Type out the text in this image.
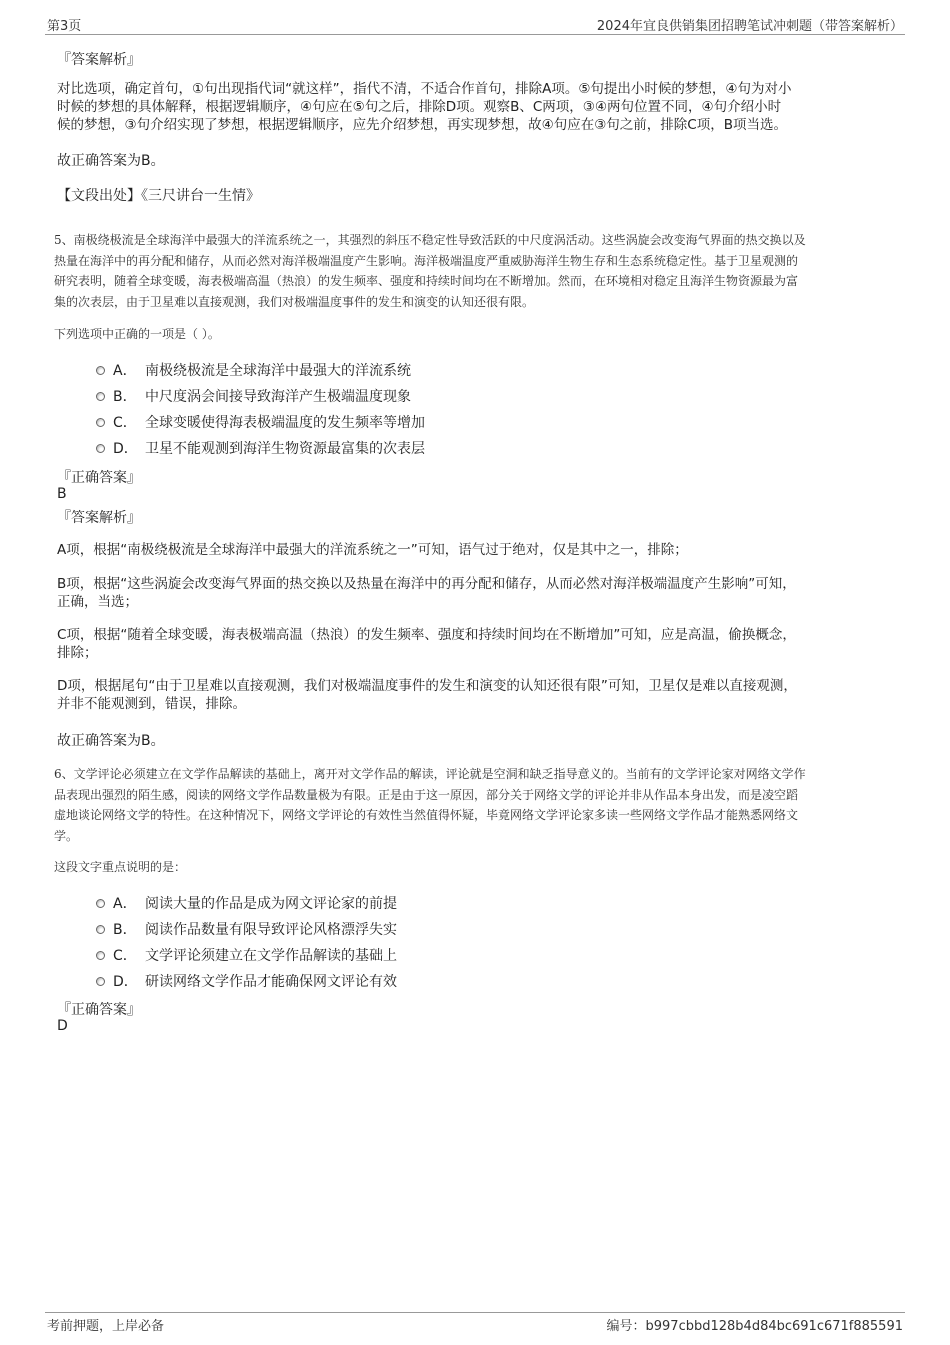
第3页	2024年宜良供销集团招聘笔试冲刺题（带答案解析）
『答案解析』
对比选项，确定首句，①句出现指代词“就这样”，指代不清，不适合作首句，排除A项。⑤句提出小时候的梦想，④句为对小
时候的梦想的具体解释，根据逻辑顺序，④句应在⑤句之后，排除D项。观察B、C两项，③④两句位置不同，④句介绍小时
候的梦想，③句介绍实现了梦想，根据逻辑顺序，应先介绍梦想，再实现梦想，故④句应在③句之前，排除C项，B项当选。
故正确答案为B。
【文段出处】《三尺讲台一生情》
5、南极绕极流是全球海洋中最强大的洋流系统之一，其强烈的斜压不稳定性导致活跃的中尺度涡活动。这些涡旋会改变海气界面的热交换以及
热量在海洋中的再分配和储存，从而必然对海洋极端温度产生影响。海洋极端温度严重威胁海洋生物生存和生态系统稳定性。基于卫星观测的
研究表明，随着全球变暖，海表极端高温（热浪）的发生频率、强度和持续时间均在不断增加。然而，在环境相对稳定且海洋生物资源最为富
集的次表层，由于卫星难以直接观测，我们对极端温度事件的发生和演变的认知还很有限。
下列选项中正确的一项是（ ）。
A． 南极绕极流是全球海洋中最强大的洋流系统
B． 中尺度涡会间接导致海洋产生极端温度现象
C． 全球变暖使得海表极端温度的发生频率等增加
D． 卫星不能观测到海洋生物资源最富集的次表层
『正确答案』
B
『答案解析』
A项，根据“南极绕极流是全球海洋中最强大的洋流系统之一”可知，语气过于绝对，仅是其中之一，排除；
B项，根据“这些涡旋会改变海气界面的热交换以及热量在海洋中的再分配和储存，从而必然对海洋极端温度产生影响”可知，
正确，当选；
C项，根据“随着全球变暖，海表极端高温（热浪）的发生频率、强度和持续时间均在不断增加”可知，应是高温，偷换概念，
排除；
D项，根据尾句“由于卫星难以直接观测，我们对极端温度事件的发生和演变的认知还很有限”可知，卫星仅是难以直接观测，
并非不能观测到，错误，排除。
故正确答案为B。
6、文学评论必须建立在文学作品解读的基础上，离开对文学作品的解读，评论就是空洞和缺乏指导意义的。当前有的文学评论家对网络文学作
品表现出强烈的陌生感，阅读的网络文学作品数量极为有限。正是由于这一原因，部分关于网络文学的评论并非从作品本身出发，而是凌空蹈
虚地谈论网络文学的特性。在这种情况下，网络文学评论的有效性当然值得怀疑，毕竟网络文学评论家多读一些网络文学作品才能熟悉网络文
学。
这段文字重点说明的是：
A． 阅读大量的作品是成为网文评论家的前提
B． 阅读作品数量有限导致评论风格漂浮失实
C． 文学评论须建立在文学作品解读的基础上
D． 研读网络文学作品才能确保网文评论有效
『正确答案』
D
考前押题，上岸必备	编号：b997cbbd128b4d84bc691c671f885591
